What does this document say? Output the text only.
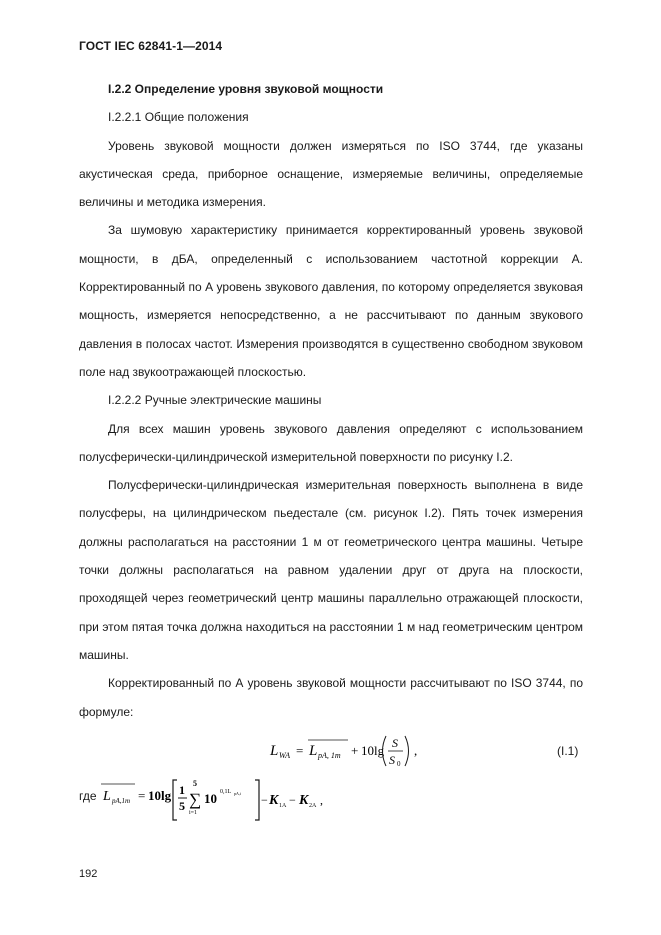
ГОСТ IEC 62841-1—2014

I.2.2 Определение уровня звуковой мощности

I.2.2.1 Общие положения

Уровень звуковой мощности должен измеряться по ISO 3744, где указаны акустическая среда, приборное оснащение, измеряемые величины, определяемые величины и методика измерения.

За шумовую характеристику принимается корректированный уровень звуковой мощности, в дБА, определенный с использованием частотной коррекции A. Корректированный по А уровень звукового давления, по которому определяется звуковая мощность, измеряется непосредственно, а не рассчитывают по данным звукового давления в полосах частот. Измерения производятся в существенно свободном звуковом поле над звукоотражающей плоскостью.

I.2.2.2 Ручные электрические машины

Для всех машин уровень звукового давления определяют с использованием полусферически-цилиндрической измерительной поверхности по рисунку I.2.

Полусферически-цилиндрическая измерительная поверхность выполнена в виде полусферы, на цилиндрическом пьедестале (см. рисунок I.2). Пять точек измерения должны располагаться на расстоянии 1 м от геометрического центра машины. Четыре точки должны располагаться на равном удалении друг от друга на плоскости, проходящей через геометрический центр машины параллельно отражающей плоскости, при этом пятая точка должна находиться на расстоянии 1 м над геометрическим центром машины.

Корректированный по А уровень звуковой мощности рассчитывают по ISO 3744, по формуле:

L WA = L pA, 1m + 10lg S
S 0
,	(I.1)
где L pA,1m = 10lg 1
5
5
∑
i=1
10 0,1L pA,i − K 1A − K 2A ,
192
